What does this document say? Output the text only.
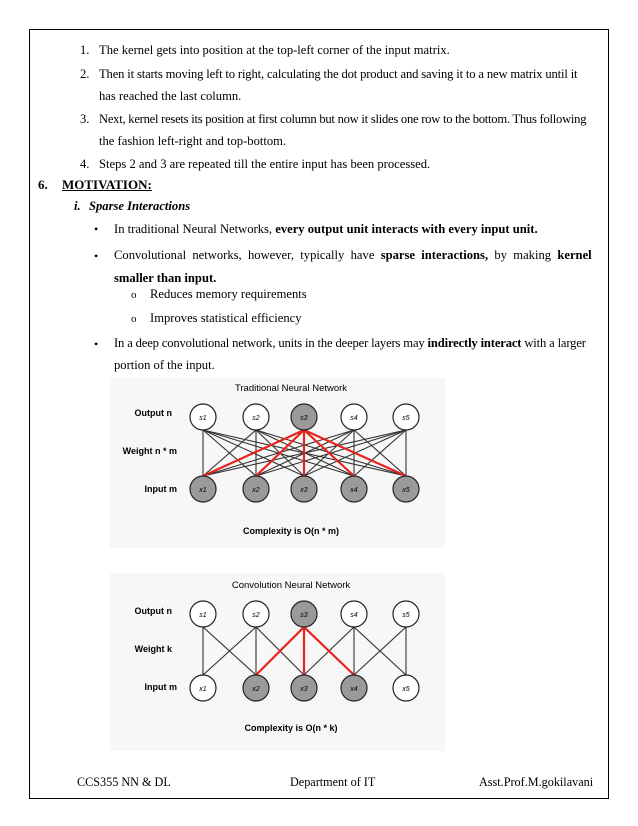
1. The kernel gets into position at the top-left corner of the input matrix.
2. Then it starts moving left to right, calculating the dot product and saving it to a new matrix until it
has reached the last column.
3. Next, kernel resets its position at first column but now it slides one row to the bottom. Thus following
the fashion left-right and top-bottom.
4. Steps 2 and 3 are repeated till the entire input has been processed.
6. MOTIVATION:
i. Sparse Interactions
• In traditional Neural Networks, every output unit interacts with every input unit.
• Convolutional  networks,  however,  typically  have  sparse  interactions,  by  making  kernel
smaller than input.
o Reduces memory requirements
o Improves statistical efficiency
• In a deep convolutional network, units in the deeper layers may indirectly interact with a larger
portion of the input.
Traditional Neural Network
Output n
Weight n * m
Input m
s1	s2	s3	s4	s5
x1	x2	x3	x4	x5
Complexity is O(n * m)
Convolution Neural Network
Output n
Weight k
Input m
s1	s2	s3	s4	s5
x1	x2	x3	x4	x5
Complexity is O(n * k)
CCS355 NN & DL	Department of IT	Asst.Prof.M.gokilavani
